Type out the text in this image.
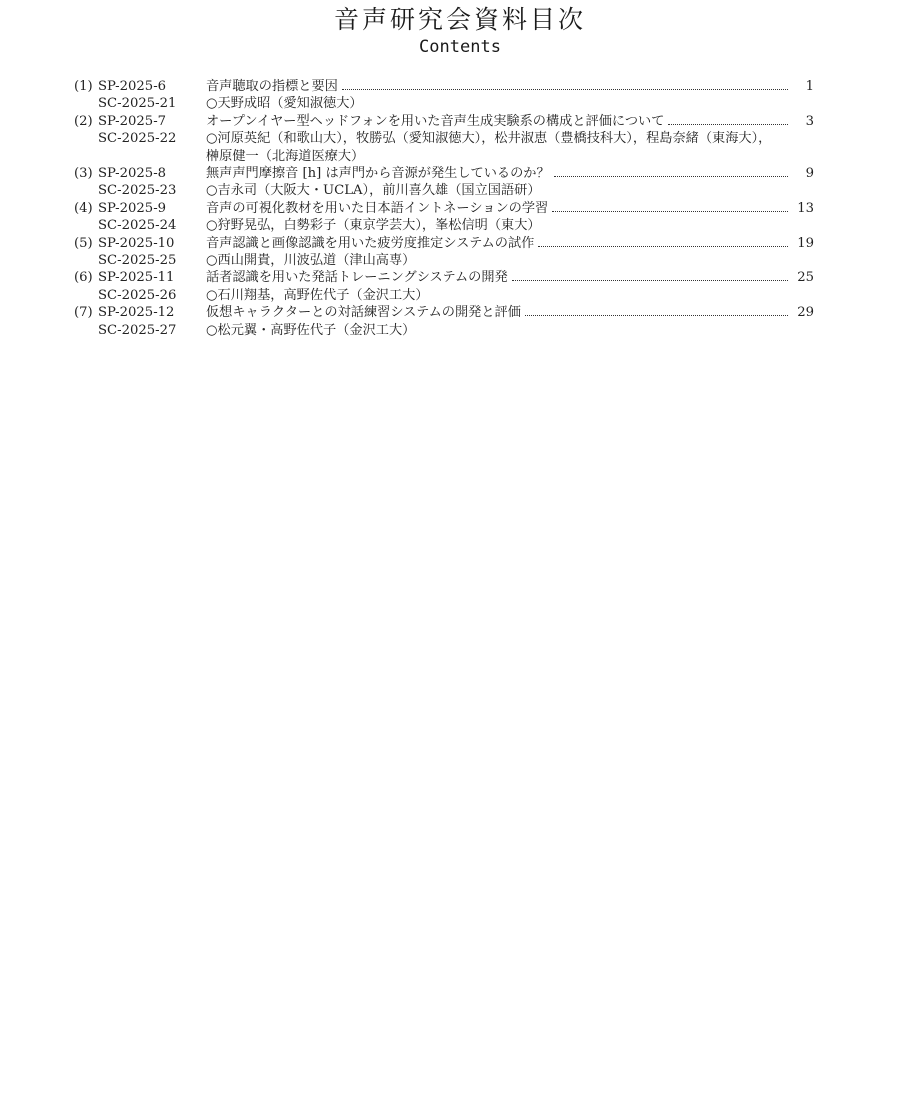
音声研究会資料目次
Contents
(1) SP-2025-6	音声聴取の指標と要因	1
SC-2025-21	○天野成昭（愛知淑徳大）
(2) SP-2025-7	オープンイヤー型ヘッドフォンを用いた音声生成実験系の構成と評価について	3
SC-2025-22	○河原英紀（和歌山大），牧勝弘（愛知淑徳大），松井淑恵（豊橋技科大），程島奈緒（東海大），榊原健一（北海道医療大）
(3) SP-2025-8	無声声門摩擦音 [h] は声門から音源が発生しているのか？	9
SC-2025-23	○吉永司（大阪大・UCLA），前川喜久雄（国立国語研）
(4) SP-2025-9	音声の可視化教材を用いた日本語イントネーションの学習	13
SC-2025-24	○狩野晃弘，白勢彩子（東京学芸大），峯松信明（東大）
(5) SP-2025-10	音声認識と画像認識を用いた疲労度推定システムの試作	19
SC-2025-25	○西山開貴，川波弘道（津山高専）
(6) SP-2025-11	話者認識を用いた発話トレーニングシステムの開発	25
SC-2025-26	○石川翔基，高野佐代子（金沢工大）
(7) SP-2025-12	仮想キャラクターとの対話練習システムの開発と評価	29
SC-2025-27	○松元翼・高野佐代子（金沢工大）
